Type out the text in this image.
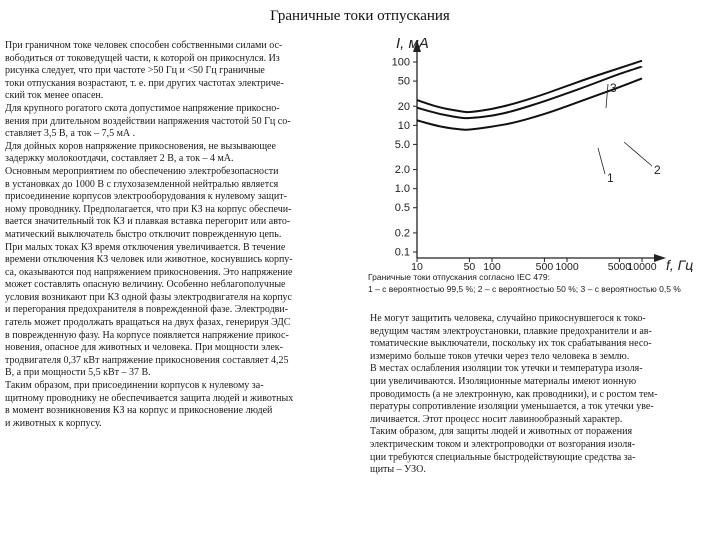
Граничные токи отпускания
При граничном токе человек способен собственными силами ос-
вободиться от токоведущей части, к которой он прикоснулся. Из
рисунка следует, что при частоте >50 Гц и <50 Гц граничные
токи отпускания возрастают, т. е. при других частотах электриче-
ский ток менее опасен.
Для крупного рогатого скота допустимое напряжение прикосно-
вения при длительном воздействии напряжения частотой 50 Гц со-
ставляет 3,5 В, а ток – 7,5 мА .
Для дойных коров напряжение прикосновения, не вызывающее
задержку молокоотдачи, составляет 2 В, а ток – 4 мА.
Основным мероприятием по обеспечению электробезопасности
в установках до 1000 В с глухозаземленной нейтралью является
присоединение корпусов электрооборудования к нулевому защит-
ному проводнику. Предполагается, что при КЗ на корпус обеспечи-
вается значительный ток КЗ и плавкая вставка перегорит или авто-
матический выключатель быстро отключит поврежденную цепь.
При малых токах КЗ время отключения увеличивается. В течение
времени отключения КЗ человек или животное, коснувшись корпу-
са, оказываются под напряжением прикосновения. Это напряжение
может составлять опасную величину. Особенно неблагополучные
условия возникают при КЗ одной фазы электродвигателя на корпус
и перегорания предохранителя в поврежденной фазе. Электродви-
гатель может продолжать вращаться на двух фазах, генерируя ЭДС
в поврежденную фазу. На корпусе появляется напряжение прикос-
новения, опасное для животных и человека. При мощности элек-
тродвигателя 0,37 кВт напряжение прикосновения составляет 4,25
В, а при мощности 5,5 кВт – 37 В.
Таким образом, при присоединении корпусов к нулевому за-
щитному проводнику не обеспечивается защита людей и животных
в момент возникновения КЗ на корпус и прикосновение людей
и животных к корпусу.
I, мА
f, Гц
100
50
20
10
5.0
2.0
1.0
0.5
0.2
0.1
10	50 100	500 1000	5000
10000
1
2
3
Граничные токи отпускания согласно IEC 479:
1 – с вероятностью 99,5 %; 2 – с вероятностью 50 %; 3 – с вероятностью 0,5 %
Не могут защитить человека, случайно прикоснувшегося к токо-
ведущим частям электроустановки, плавкие предохранители и ав-
томатические выключатели, поскольку их ток срабатывания несо-
измеримо больше токов утечки через тело человека в землю.
В местах ослабления изоляции ток утечки и температура изоля-
ции увеличиваются. Изоляционные материалы имеют ионную
проводимость (а не электронную, как проводники), и с ростом тем-
пературы сопротивление изоляции уменьшается, а ток утечки уве-
личивается. Этот процесс носит лавинообразный характер.
Таким образом, для защиты людей и животных от поражения
электрическим током и электропроводки от возгорания изоля-
ции требуются специальные быстродействующие средства за-
щиты – УЗО.
